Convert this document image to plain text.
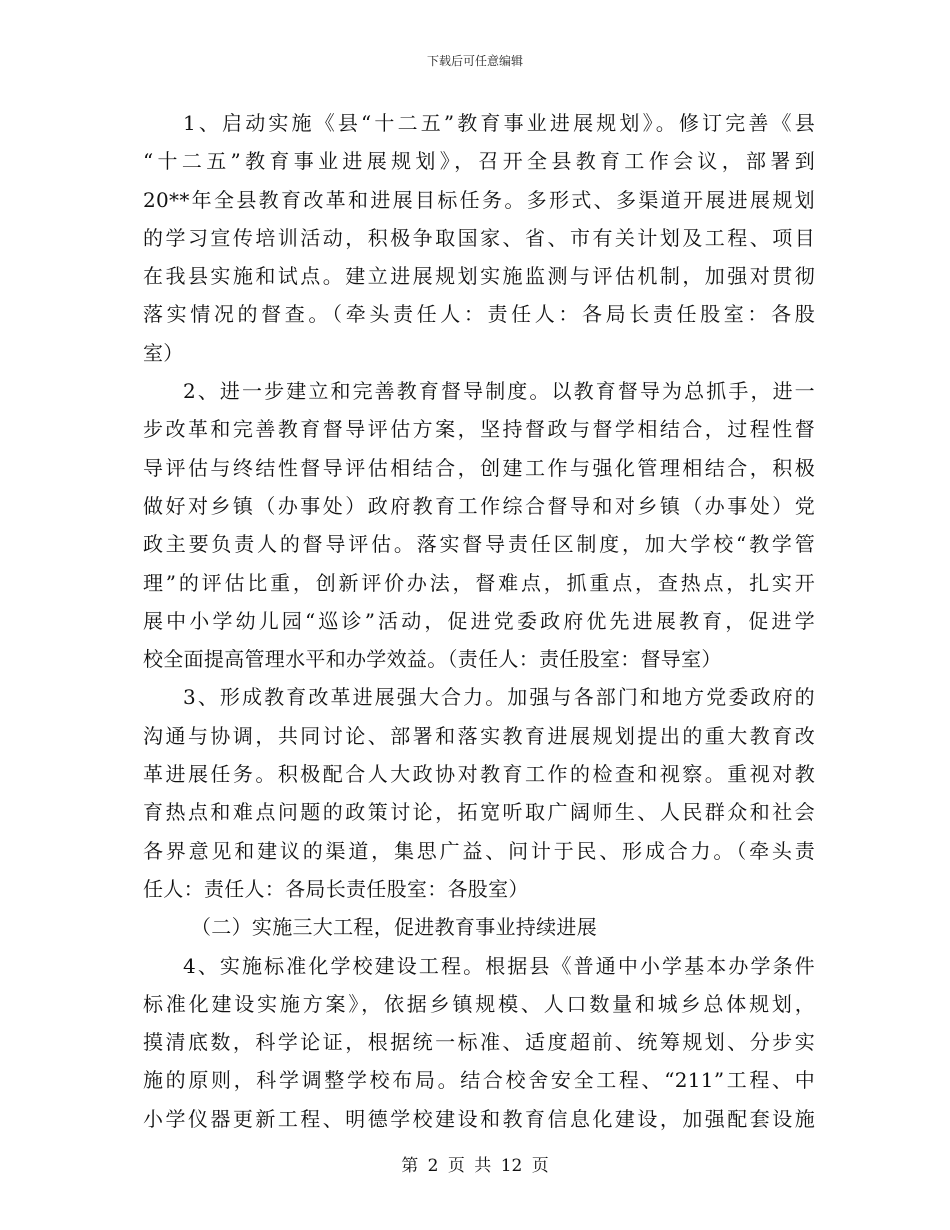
下载后可任意编辑
1、启动实施《县“十二五”教育事业进展规划》。修订完善《县
“十二五”教育事业进展规划》，召开全县教育工作会议，部署到
20**年全县教育改革和进展目标任务。多形式、多渠道开展进展规划
的学习宣传培训活动，积极争取国家、省、市有关计划及工程、项目
在我县实施和试点。建立进展规划实施监测与评估机制，加强对贯彻
落实情况的督查。（牵头责任人：责任人：各局长责任股室：各股
室）
2、进一步建立和完善教育督导制度。以教育督导为总抓手，进一
步改革和完善教育督导评估方案，坚持督政与督学相结合，过程性督
导评估与终结性督导评估相结合，创建工作与强化管理相结合，积极
做好对乡镇（办事处）政府教育工作综合督导和对乡镇（办事处）党
政主要负责人的督导评估。落实督导责任区制度，加大学校“教学管
理”的评估比重，创新评价办法，督难点，抓重点，查热点，扎实开
展中小学幼儿园“巡诊”活动，促进党委政府优先进展教育，促进学
校全面提高管理水平和办学效益。（责任人：责任股室：督导室）
3、形成教育改革进展强大合力。加强与各部门和地方党委政府的
沟通与协调，共同讨论、部署和落实教育进展规划提出的重大教育改
革进展任务。积极配合人大政协对教育工作的检查和视察。重视对教
育热点和难点问题的政策讨论，拓宽听取广阔师生、人民群众和社会
各界意见和建议的渠道，集思广益、问计于民、形成合力。（牵头责
任人：责任人：各局长责任股室：各股室）
（二）实施三大工程，促进教育事业持续进展
4、实施标准化学校建设工程。根据县《普通中小学基本办学条件
标准化建设实施方案》，依据乡镇规模、人口数量和城乡总体规划，
摸清底数，科学论证，根据统一标准、适度超前、统筹规划、分步实
施的原则，科学调整学校布局。结合校舍安全工程、“211”工程、中
小学仪器更新工程、明德学校建设和教育信息化建设，加强配套设施
第 2 页 共 12 页
